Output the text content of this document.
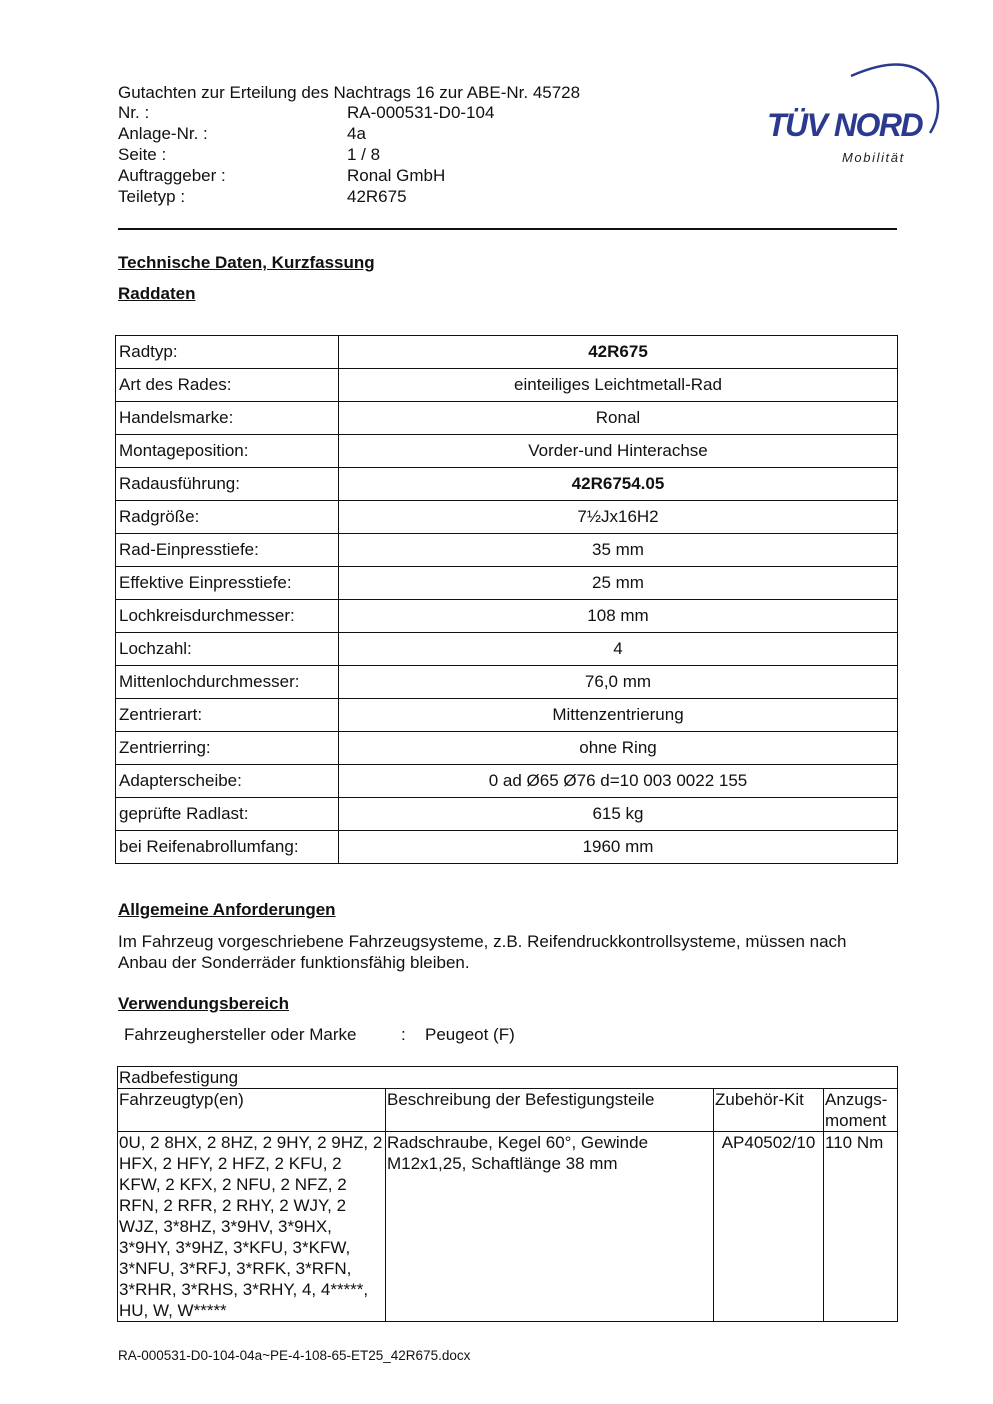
Gutachten zur Erteilung des Nachtrags 16 zur ABE-Nr. 45728
Nr. :	RA-000531-D0-104
Anlage-Nr. :	4a
Seite :	1 / 8
Auftraggeber :	Ronal GmbH
Teiletyp :	42R675
TÜV NORD
Mobilität
Technische Daten, Kurzfassung
Raddaten
Radtyp:	42R675
Art des Rades:	einteiliges Leichtmetall-Rad
Handelsmarke:	Ronal
Montageposition:	Vorder-und Hinterachse
Radausführung:	42R6754.05
Radgröße:	7½Jx16H2
Rad-Einpresstiefe:	35 mm
Effektive Einpresstiefe:	25 mm
Lochkreisdurchmesser:	108 mm
Lochzahl:	4
Mittenlochdurchmesser:	76,0 mm
Zentrierart:	Mittenzentrierung
Zentrierring:	ohne Ring
Adapterscheibe:	0 ad Ø65 Ø76 d=10 003 0022 155
geprüfte Radlast:	615 kg
bei Reifenabrollumfang:	1960 mm
Allgemeine Anforderungen
Im Fahrzeug vorgeschriebene Fahrzeugsysteme, z.B. Reifendruckkontrollsysteme, müssen nach Anbau der Sonderräder funktionsfähig bleiben.
Verwendungsbereich
Fahrzeughersteller oder Marke	: Peugeot (F)
Radbefestigung			
Fahrzeugtyp(en)	Beschreibung der Befestigungsteile	Zubehör-Kit	Anzugs-moment
0U, 2 8HX, 2 8HZ, 2 9HY, 2 9HZ, 2 HFX, 2 HFY, 2 HFZ, 2 KFU, 2 KFW, 2 KFX, 2 NFU, 2 NFZ, 2 RFN, 2 RFR, 2 RHY, 2 WJY, 2 WJZ, 3*8HZ, 3*9HV, 3*9HX, 3*9HY, 3*9HZ, 3*KFU, 3*KFW, 3*NFU, 3*RFJ, 3*RFK, 3*RFN, 3*RHR, 3*RHS, 3*RHY, 4, 4*****, HU, W, W*****	Radschraube, Kegel 60°, Gewinde M12x1,25, Schaftlänge 38 mm	AP40502/10	110 Nm
RA-000531-D0-104-04a~PE-4-108-65-ET25_42R675.docx
